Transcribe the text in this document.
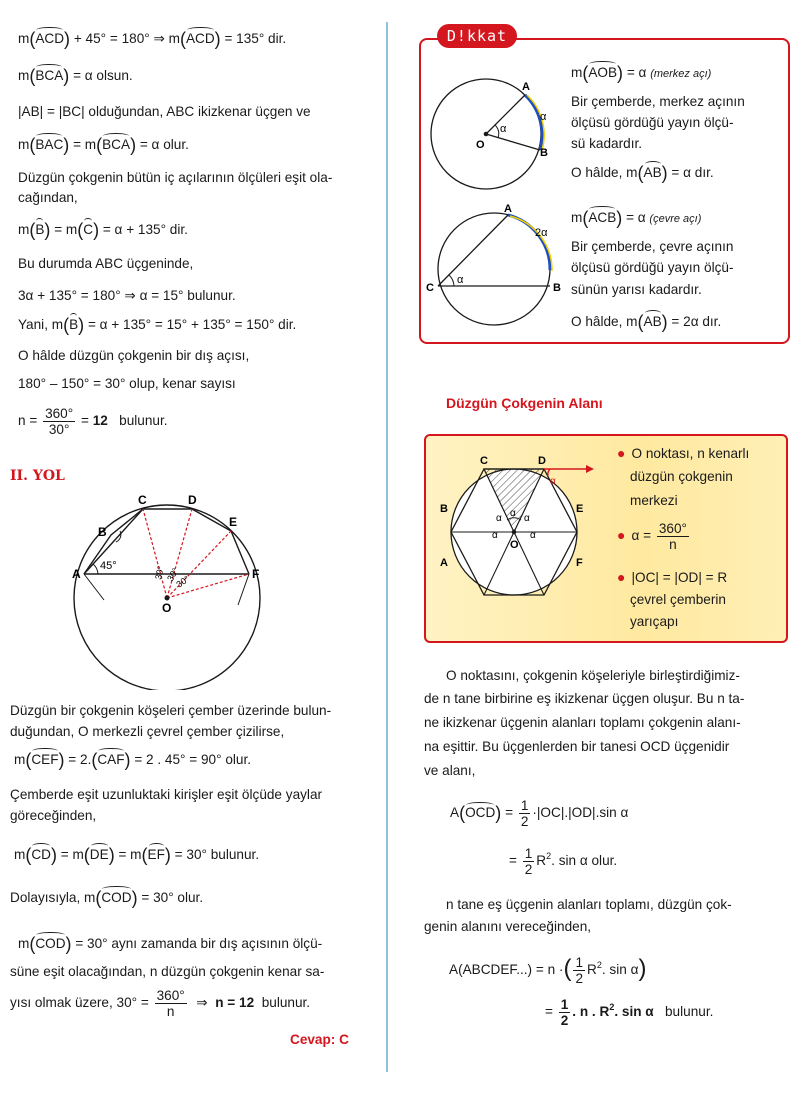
m(ACD) + 45° = 180° ⇒ m(ACD) = 135° dir.
m(BCA) = α olsun.
|AB| = |BC| olduğundan, ABC ikizkenar üçgen ve
m(BAC) = m(BCA) = α olur.
Düzgün çokgenin bütün iç açılarının ölçüleri eşit ola-
cağından,
m(B) = m(C) = α + 135° dir.
Bu durumda ABC üçgeninde,
3α + 135° = 180° ⇒ α = 15° bulunur.
Yani, m(B) = α + 135° = 15° + 135° = 150° dir.
O hâlde düzgün çokgenin bir dış açısı,
180° – 150° = 30° olup, kenar sayısı
$n = \frac{360^\circ}{30^\circ} = 12$ bulunur.
II. YOL
45°
A
B
C	D
E
F
O
30° 30°
30°
Düzgün bir çokgenin köşeleri çember üzerinde bulun-
duğundan, O merkezli çevrel çember çizilirse,
m(CEF) = 2.(CAF) = 2 . 45° = 90° olur.
Çemberde eşit uzunluktaki kirişler eşit ölçüde yaylar
göreceğinden,
m(CD) = m(DE) = m(EF) = 30° bulunur.
Dolayısıyla, m(COD) = 30° olur.
m(COD) = 30° aynı zamanda bir dış açısının ölçü-
süne eşit olacağından, n düzgün çokgenin kenar sa-
yısı olmak üzere, $30^\circ = \frac{360^\circ}{n}$ ⇒ n = 12 bulunur.
Cevap: C
D!kkat
α
α
A
B
O
m(AOB) = α (merkez açı)
Bir çemberde, merkez açının
ölçüsü gördüğü yayın ölçü-
sü kadardır.
O hâlde, m(AB) = α dır.
α
2α
A
C	B
m(ACB) = α (çevre açı)
Bir çemberde, çevre açının
ölçüsü gördüğü yayın ölçü-
sünün yarısı kadardır.
O hâlde, m(AB) = 2α dır.
Düzgün Çokgenin Alanı
α
α
α α
α	α
C	D
E
F
B
A
O
● O noktası, n kenarlı
düzgün çokgenin
merkezi
● $\alpha = \frac{360^\circ}{n}$
● |OC| = |OD| = R
çevrel çemberin
yarıçapı
O noktasını, çokgenin köşeleriyle birleştirdiğimiz-
de n tane birbirine eş ikizkenar üçgen oluşur. Bu n ta-
ne ikizkenar üçgenin alanları toplamı çokgenin alanı-
na eşittir. Bu üçgenlerden bir tanesi OCD üçgenidir
ve alanı,
$A(OCD) = \frac{1}{2} \cdot|OC|.|OD|.\sin$ α
= $\frac{1}{2} R^2$. sin α olur.
n tane eş üçgenin alanları toplamı, düzgün çok-
genin alanını vereceğinden,
A(ABCDEF...) = n ·( $\frac{1}{2} R^2$. sin α)
= $\frac{1}{2}$ . n . $R^2$. sin α bulunur.
